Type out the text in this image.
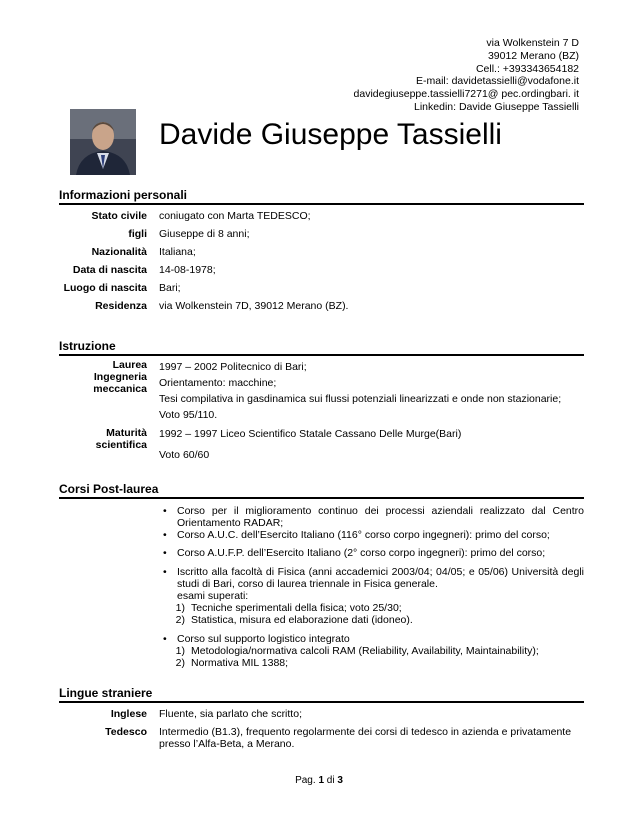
via Wolkenstein 7 D
39012 Merano (BZ)
Cell.: +393343654182
E-mail: davidetassielli@vodafone.it
davidegiuseppe.tassielli7271@ pec.ordingbari. it
Linkedin: Davide Giuseppe Tassielli
Davide Giuseppe Tassielli
Informazioni personali
Stato civile coniugato con Marta TEDESCO;
figli Giuseppe di 8 anni;
Nazionalità Italiana;
Data di nascita 14-08-1978;
Luogo di nascita Bari;
Residenza via Wolkenstein 7D, 39012 Merano (BZ).
Istruzione
Laurea
Ingegneria
meccanica
1997 – 2002 Politecnico di Bari;
Orientamento: macchine;
Tesi compilativa in gasdinamica sui flussi potenziali linearizzati e onde non stazionarie;
Voto 95/110.
Maturità
scientifica
1992 – 1997 Liceo Scientifico Statale Cassano Delle Murge(Bari)
Voto 60/60
Corsi Post-laurea
• Corso per il miglioramento continuo dei processi aziendali realizzato dal Centro Orientamento RADAR;
• Corso A.U.C. dell’Esercito Italiano (116° corso corpo ingegneri): primo del corso;
• Corso A.U.F.P. dell’Esercito Italiano (2° corso corpo ingegneri): primo del corso;
• Iscritto alla facoltà di Fisica (anni accademici 2003/04; 04/05; e 05/06) Università degli studi di Bari, corso di laurea triennale in Fisica generale.
esami superati:
1) Tecniche sperimentali della fisica; voto 25/30;
2) Statistica, misura ed elaborazione dati (idoneo).
• Corso sul supporto logistico integrato
1) Metodologia/normativa calcoli RAM (Reliability, Availability, Maintainability);
2) Normativa MIL 1388;
Lingue straniere
Inglese Fluente, sia parlato che scritto;
Tedesco Intermedio (B1.3), frequento regolarmente dei corsi di tedesco in azienda e privatamente presso l’Alfa-Beta, a Merano.
Pag. 1 di 3
